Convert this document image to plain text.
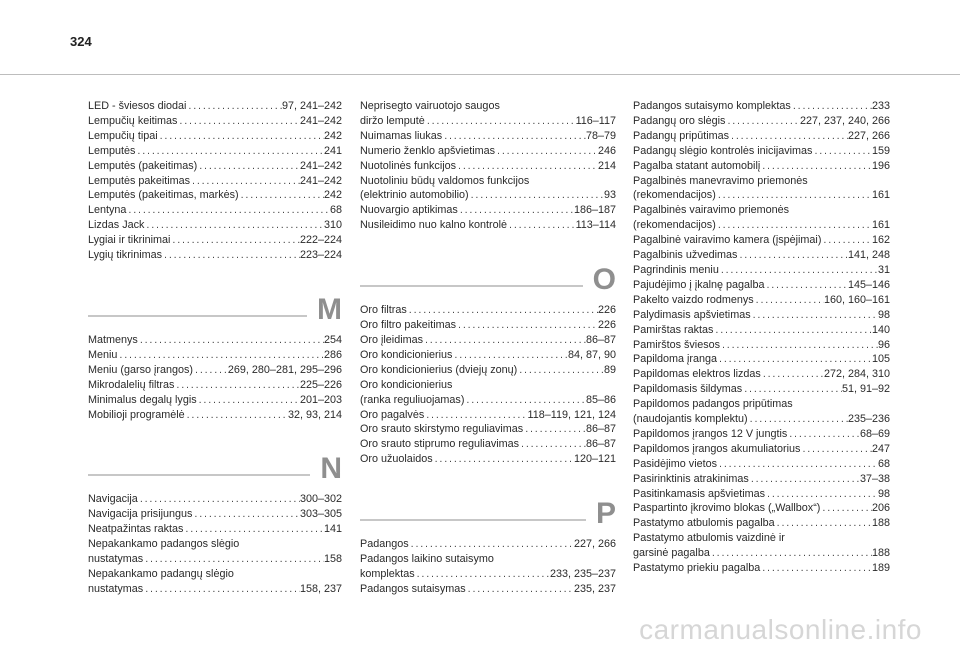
324
LED - šviesos diodai . . .	97, 241–242
Lempučių keitimas . . .	241–242
Lempučių tipai . . .	242
Lemputės . . .	241
Lemputės (pakeitimas) . . .	241–242
Lemputės pakeitimas . . .	241–242
Lemputės (pakeitimas, markės) . . .	242
Lentyna . . .	68
Lizdas Jack . . .	310
Lygiai ir tikrinimai . . .	222–224
Lygių tikrinimas . . .	223–224
M
Matmenys . . .	254
Meniu . . .	286
Meniu (garso įrangos) . . .	269, 280–281, 295–296
Mikrodalelių filtras . . .	225–226
Minimalus degalų lygis . . .	201–203
Mobilioji programėlė . . .	32, 93, 214
N
Navigacija . . .	300–302
Navigacija prisijungus . . .	303–305
Neatpažintas raktas . . .	141
Nepakankamo padangos slėgio
nustatymas . . .	158
Nepakankamo padangų slėgio
nustatymas . . .	158, 237
Neprisegto vairuotojo saugos
diržo lemputė . . .	116–117
Nuimamas liukas . . .	78–79
Numerio ženklo apšvietimas . . .	246
Nuotolinės funkcijos . . .	214
Nuotoliniu būdų valdomos funkcijos
(elektrinio automobilio) . . .	93
Nuovargio aptikimas . . .	186–187
Nusileidimo nuo kalno kontrolė . . .	113–114
O
Oro filtras . . .	226
Oro filtro pakeitimas . . .	226
Oro įleidimas . . .	86–87
Oro kondicionierius . . .	84, 87, 90
Oro kondicionierius (dviejų zonų) . . .	89
Oro kondicionierius
(ranka reguliuojamas) . . .	85–86
Oro pagalvės . . .	118–119, 121, 124
Oro srauto skirstymo reguliavimas . . .	86–87
Oro srauto stiprumo reguliavimas . . .	86–87
Oro užuolaidos . . .	120–121
P
Padangos . . .	227, 266
Padangos laikino sutaisymo
komplektas . . .	233, 235–237
Padangos sutaisymas . . .	235, 237
Padangos sutaisymo komplektas . . .	233
Padangų oro slėgis . . .	227, 237, 240, 266
Padangų pripūtimas . . .	227, 266
Padangų slėgio kontrolės inicijavimas . . .	159
Pagalba statant automobilį . . .	196
Pagalbinės manevravimo priemonės
(rekomendacijos) . . .	161
Pagalbinės vairavimo priemonės
(rekomendacijos) . . .	161
Pagalbinė vairavimo kamera (įspėjimai) . . .	162
Pagalbinis užvedimas . . .	141, 248
Pagrindinis meniu . . .	31
Pajudėjimo į įkalnę pagalba . . .	145–146
Pakelto vaizdo rodmenys . . .	160, 160–161
Palydimasis apšvietimas . . .	98
Pamirštas raktas . . .	140
Pamirštos šviesos . . .	96
Papildoma įranga . . .	105
Papildomas elektros lizdas . . .	272, 284, 310
Papildomasis šildymas . . .	51, 91–92
Papildomos padangos pripūtimas
(naudojantis komplektu) . . .	235–236
Papildomos įrangos 12 V jungtis . . .	68–69
Papildomos įrangos akumuliatorius . . .	247
Pasidėjimo vietos . . .	68
Pasirinktinis atrakinimas . . .	37–38
Pasitinkamasis apšvietimas . . .	98
Paspartinto įkrovimo blokas („Wallbox“) . . .	206
Pastatymo atbulomis pagalba . . .	188
Pastatymo atbulomis vaizdinė ir
garsinė pagalba . . .	188
Pastatymo priekiu pagalba . . .	189
carmanualsonline.info
